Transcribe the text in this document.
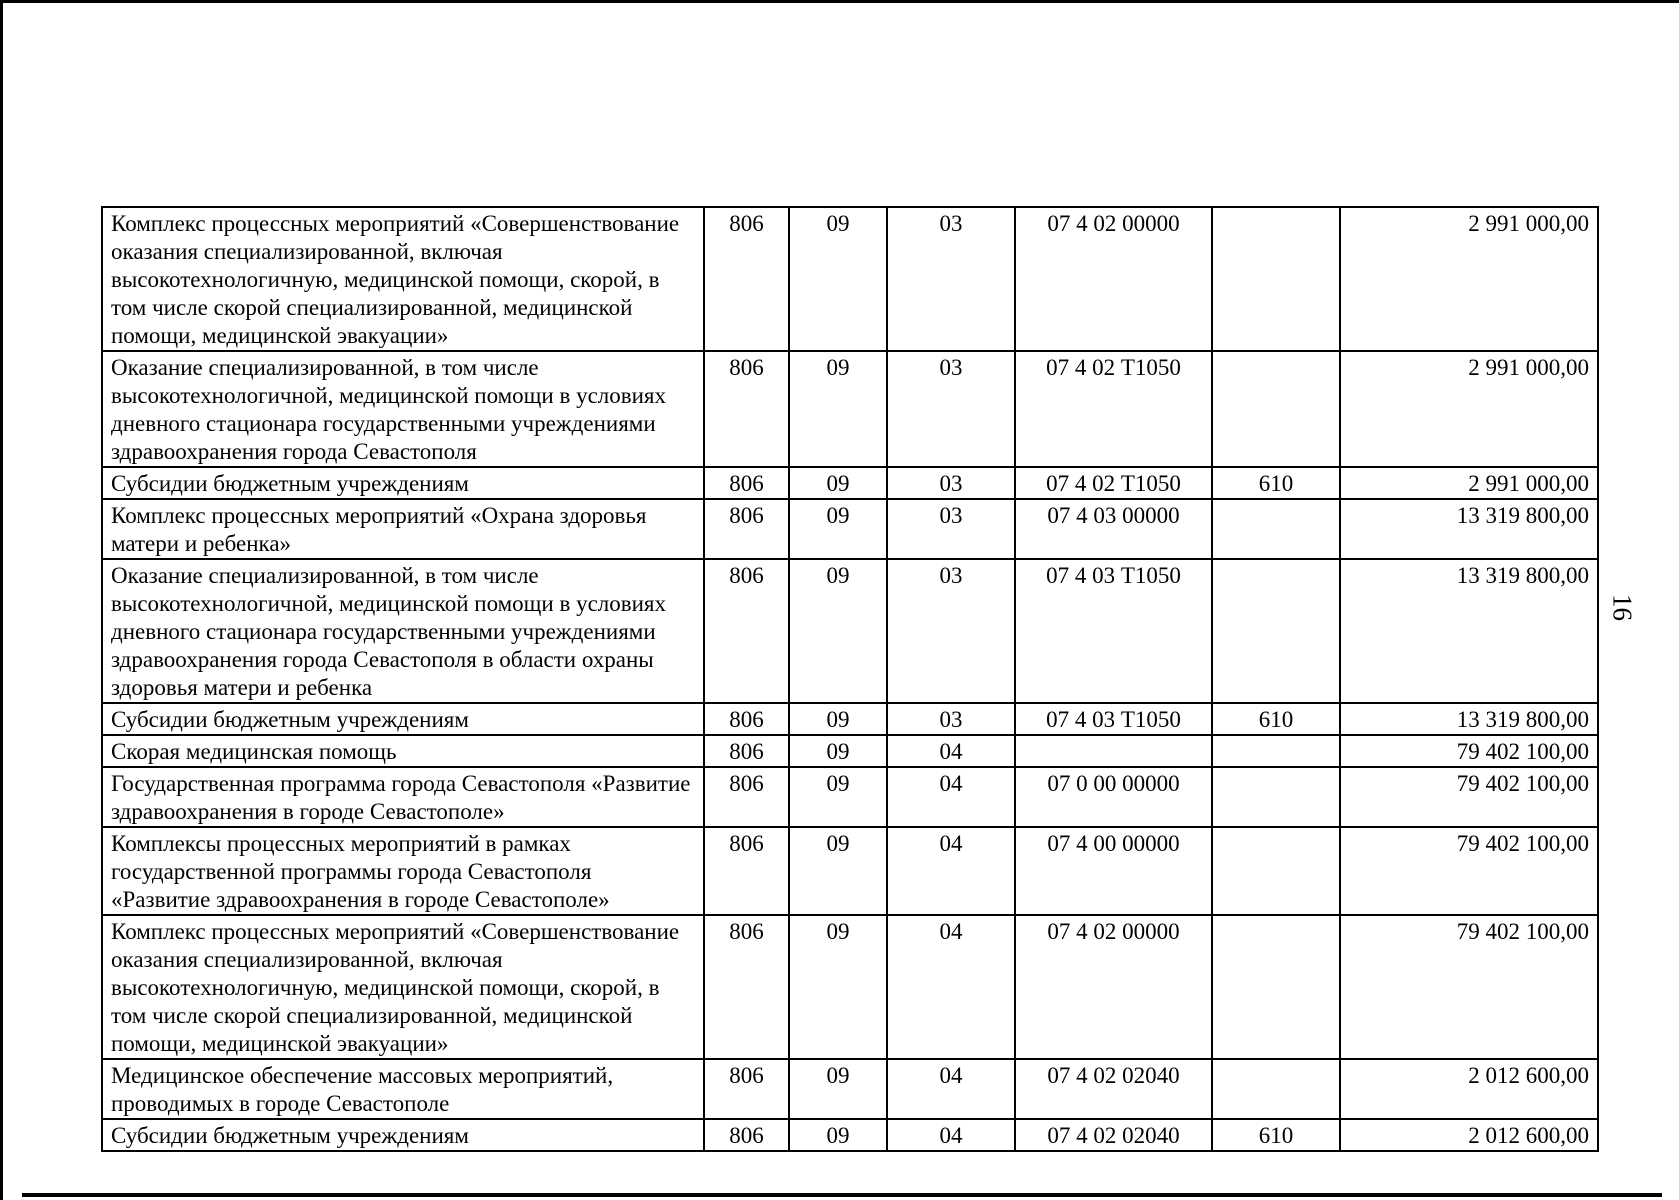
Комплекс процессных мероприятий «Совершенствование оказания специализированной, включая высокотехнологичную, медицинской помощи, скорой, в том числе скорой специализированной, медицинской помощи, медицинской эвакуации»	806	09	03	07 4 02 00000		2 991 000,00
Оказание специализированной, в том числе высокотехнологичной, медицинской помощи в условиях дневного стационара государственными учреждениями здравоохранения города Севастополя	806	09	03	07 4 02 Т1050		2 991 000,00
Субсидии бюджетным учреждениям	806	09	03	07 4 02 Т1050	610	2 991 000,00
Комплекс процессных мероприятий «Охрана здоровья матери и ребенка»	806	09	03	07 4 03 00000		13 319 800,00
Оказание специализированной, в том числе высокотехнологичной, медицинской помощи в условиях дневного стационара государственными учреждениями здравоохранения города Севастополя в области охраны здоровья матери и ребенка	806	09	03	07 4 03 Т1050		13 319 800,00
Субсидии бюджетным учреждениям	806	09	03	07 4 03 Т1050	610	13 319 800,00
Скорая медицинская помощь	806	09	04			79 402 100,00
Государственная программа города Севастополя «Развитие здравоохранения в городе Севастополе»	806	09	04	07 0 00 00000		79 402 100,00
Комплексы процессных мероприятий в рамках государственной программы города Севастополя «Развитие здравоохранения в городе Севастополе»	806	09	04	07 4 00 00000		79 402 100,00
Комплекс процессных мероприятий «Совершенствование оказания специализированной, включая высокотехнологичную, медицинской помощи, скорой, в том числе скорой специализированной, медицинской помощи, медицинской эвакуации»	806	09	04	07 4 02 00000		79 402 100,00
Медицинское обеспечение массовых мероприятий, проводимых в городе Севастополе	806	09	04	07 4 02 02040		2 012 600,00
Субсидии бюджетным учреждениям	806	09	04	07 4 02 02040	610	2 012 600,00
16
